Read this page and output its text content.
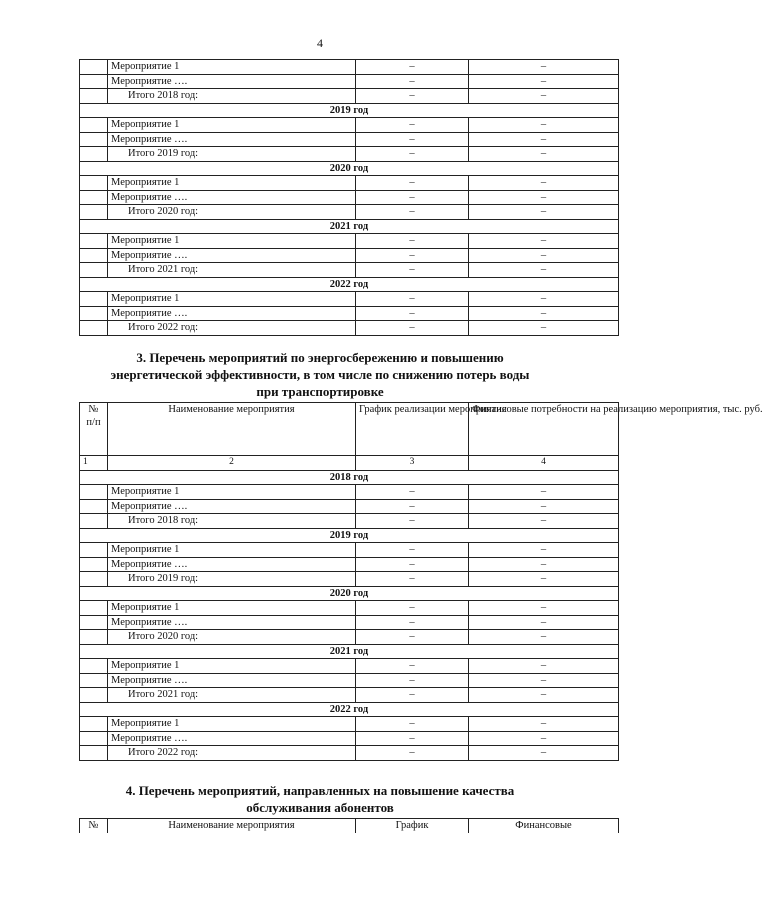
4
	Мероприятие 1	–	–
	Мероприятие ….	–	–
	Итого 2018 год:	–	–
2019 год			
	Мероприятие 1	–	–
	Мероприятие ….	–	–
	Итого 2019 год:	–	–
2020 год			
	Мероприятие 1	–	–
	Мероприятие ….	–	–
	Итого 2020 год:	–	–
2021 год			
	Мероприятие 1	–	–
	Мероприятие ….	–	–
	Итого 2021 год:	–	–
2022 год			
	Мероприятие 1	–	–
	Мероприятие ….	–	–
	Итого 2022 год:	–	–
3. Перечень мероприятий по энергосбережению и повышению
энергетической эффективности, в том числе по снижению потерь воды
при транспортировке
№ п/п	Наименование мероприятия	График реализации мероприятия	Финансовые потребности на реализацию мероприятия, тыс. руб.
1	2	3	4
2018 год			
	Мероприятие 1	–	–
	Мероприятие ….	–	–
	Итого 2018 год:	–	–
2019 год			
	Мероприятие 1	–	–
	Мероприятие ….	–	–
	Итого 2019 год:	–	–
2020 год			
	Мероприятие 1	–	–
	Мероприятие ….	–	–
	Итого 2020 год:	–	–
2021 год			
	Мероприятие 1	–	–
	Мероприятие ….	–	–
	Итого 2021 год:	–	–
2022 год			
	Мероприятие 1	–	–
	Мероприятие ….	–	–
	Итого 2022 год:	–	–
4. Перечень мероприятий, направленных на повышение качества
обслуживания абонентов
№	Наименование мероприятия	График	Финансовые
